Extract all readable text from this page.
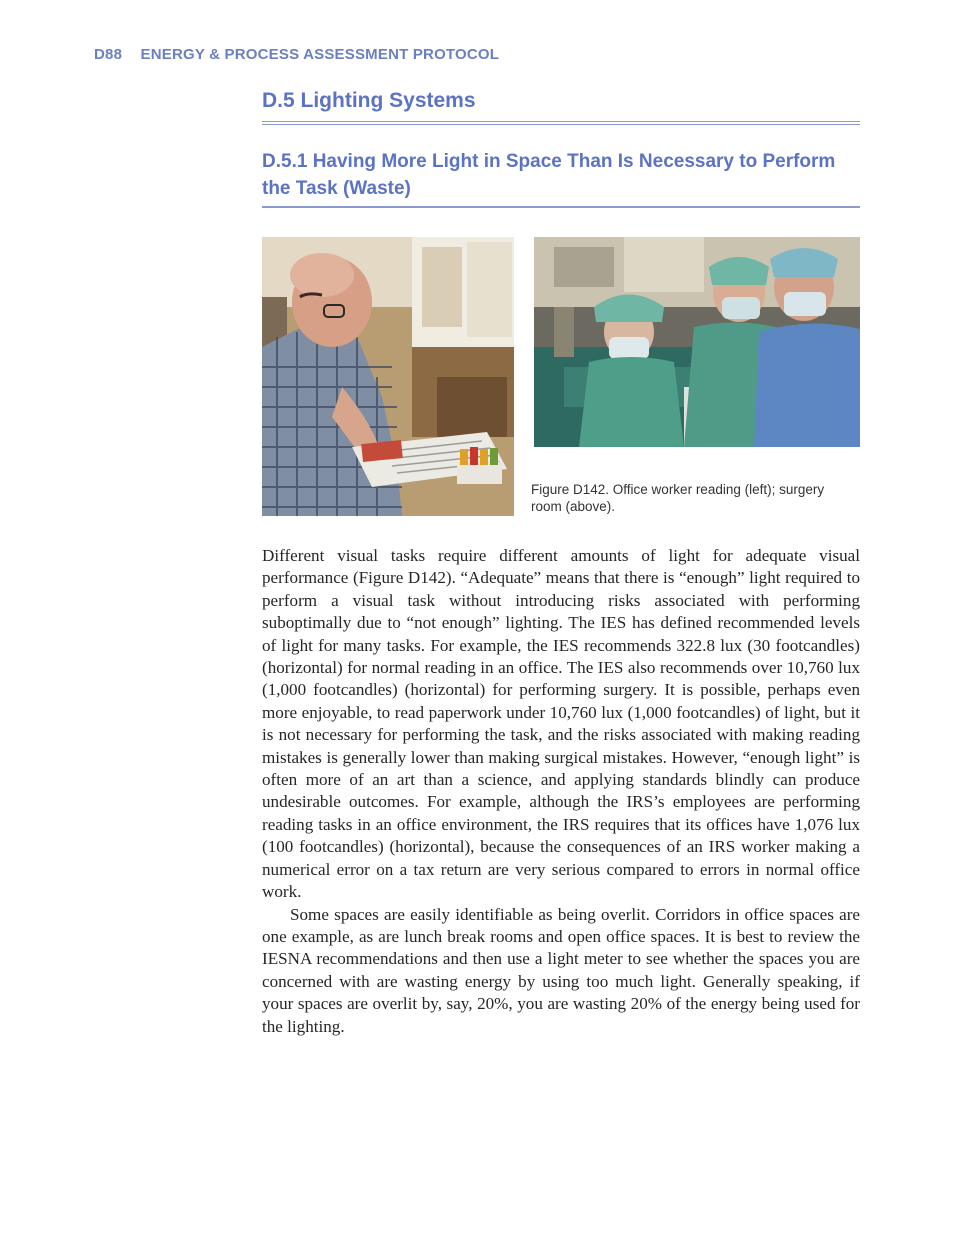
D88 ENERGY & PROCESS ASSESSMENT PROTOCOL
D.5 Lighting Systems
D.5.1 Having More Light in Space Than Is Necessary to Perform the Task (Waste)
Figure D142. Office worker reading (left); surgery room (above).

Different visual tasks require different amounts of light for adequate visual performance (Figure D142). “Adequate” means that there is “enough” light required to perform a visual task without introducing risks associated with performing suboptimally due to “not enough” lighting. The IES has defined recommended levels of light for many tasks. For example, the IES recommends 322.8 lux (30 footcandles) (horizontal) for normal reading in an office. The IES also recommends over 10,760 lux (1,000 footcandles) (horizontal) for performing surgery. It is possible, perhaps even more enjoyable, to read paperwork under 10,760 lux (1,000 footcandles) of light, but it is not necessary for performing the task, and the risks associated with making reading mistakes is generally lower than making surgical mistakes. However, “enough light” is often more of an art than a science, and applying standards blindly can produce undesirable outcomes. For example, although the IRS’s employees are performing reading tasks in an office environment, the IRS requires that its offices have 1,076 lux (100 footcandles) (horizontal), because the consequences of an IRS worker making a numerical error on a tax return are very serious compared to errors in normal office work.

Some spaces are easily identifiable as being overlit. Corridors in office spaces are one example, as are lunch break rooms and open office spaces. It is best to review the IESNA recommendations and then use a light meter to see whether the spaces you are concerned with are wasting energy by using too much light. Generally speaking, if your spaces are overlit by, say, 20%, you are wasting 20% of the energy being used for the lighting.
